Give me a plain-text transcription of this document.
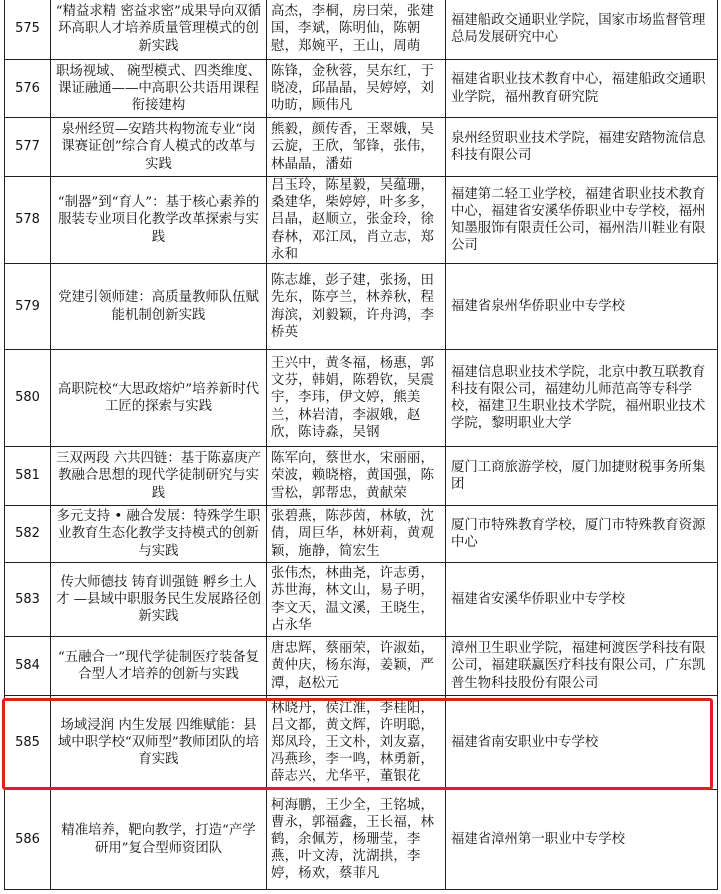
575	“精益求精 密益求密”成果导向双循环高职人才培养质量管理模式的创新实践	高杰，李桐，房曰荣，张建国，李斌，陈明仙，陈朝慰，郑婉平，王山，周萌	福建船政交通职业学院，国家市场监督管理总局发展研究中心
576	职场视域、 碗型模式、四类维度、课证融通——中高职公共语用课程衔接建构	陈锋，金秋蓉，吴东红，于晓凌，邱晶晶，吴婷婷，刘叻昉，顾伟凡	福建省职业技术教育中心，福建船政交通职业学院，福州教育研究院
577	泉州经贸—安踏共构物流专业“岗课赛证创”综合育人模式的改革与实践	熊毅，颜传香，王翠娥，吴云旋，王欣，邹锋，张伟，林晶晶，潘茹	泉州经贸职业技术学院，福建安踏物流信息科技有限公司
578	“制器”到“育人”：基于核心素养的服装专业项目化教学改革探索与实践	吕玉玲，陈星毅，吴蕴珊，桑建华，柴婷婷，叶多多，吕晶，赵顺立，张金玲，徐春林，邓江凤，肖立志，郑永和	福建第二轻工业学校，福建省职业技术教育中心，福建省安溪华侨职业中专学校，福州知墨服饰有限责任公司，福州浩川鞋业有限公司
579	党建引领师建：高质量教师队伍赋能机制创新实践	陈志雄，彭子建，张扬，田先东，陈亭兰，林养秋，程海滨，刘毅颖，许舟鸿，李桥英	福建省泉州华侨职业中专学校
580	高职院校“大思政熔炉”培养新时代工匠的探索与实践	王兴中，黄冬福，杨惠，郭文芬，韩娟，陈碧钦，吴震宇，李玮，伊文婷，熊美兰，林岩清，李淑娥，赵欣，陈诗淼，吴钢	福建信息职业技术学院，北京中教互联教育科技有限公司，福建幼儿师范高等专科学校，福建卫生职业技术学院，福州职业技术学院，黎明职业大学
581	三双两段 六共四链：基于陈嘉庚产教融合思想的现代学徒制研究与实践	陈军向，蔡世水，宋丽丽，荣波，赖晓榕，黄国强，陈雪松，郭帮忠，黄献荣	厦门工商旅游学校，厦门加捷财税事务所集团
582	多元支持 • 融合发展：特殊学生职业教育生态化教学支持模式的创新与实践	张碧燕，陈莎茵，林敏，沈倩，周巨华，林妍莉，黄观颖，施静，简宏生	厦门市特殊教育学校，厦门市特殊教育资源中心
583	传大师德技 铸育训强链 孵乡土人才 —县域中职服务民生发展路径创新实践	张伟杰，林曲尧，许志勇，苏世海，林文山，易子明，李文天，温文溪，王晓生，占永华	福建省安溪华侨职业中专学校
584	“五融合一”现代学徒制医疗装备复合型人才培养的创新与实践	唐忠辉，蔡丽荣，许淑茹，黄仲庆，杨东海，姜颖，严潭，赵松元	漳州卫生职业学院，福建柯渡医学科技有限公司，福建联赢医疗科技有限公司，广东凯普生物科技股份有限公司
585	场域浸润 内生发展 四维赋能：县域中职学校“双师型”教师团队的培育实践	林晓丹，侯江淮，李桂阳，吕文都，黄文辉，许明聪，郑凤玲，王文朴，刘友嘉，冯燕珍，李一鸣，林勇新，薛志兴，尤华平，董银花	福建省南安职业中专学校
586	精准培养，靶向教学，打造“产学研用”复合型师资团队	柯海鹏，王少全，王铭城，曹永，郭福鑫，王长福，林鹤，余佩芳，杨珊莹，李燕，叶文涛，沈湖拱，李婷，杨欢，蔡菲凡	福建省漳州第一职业中专学校
